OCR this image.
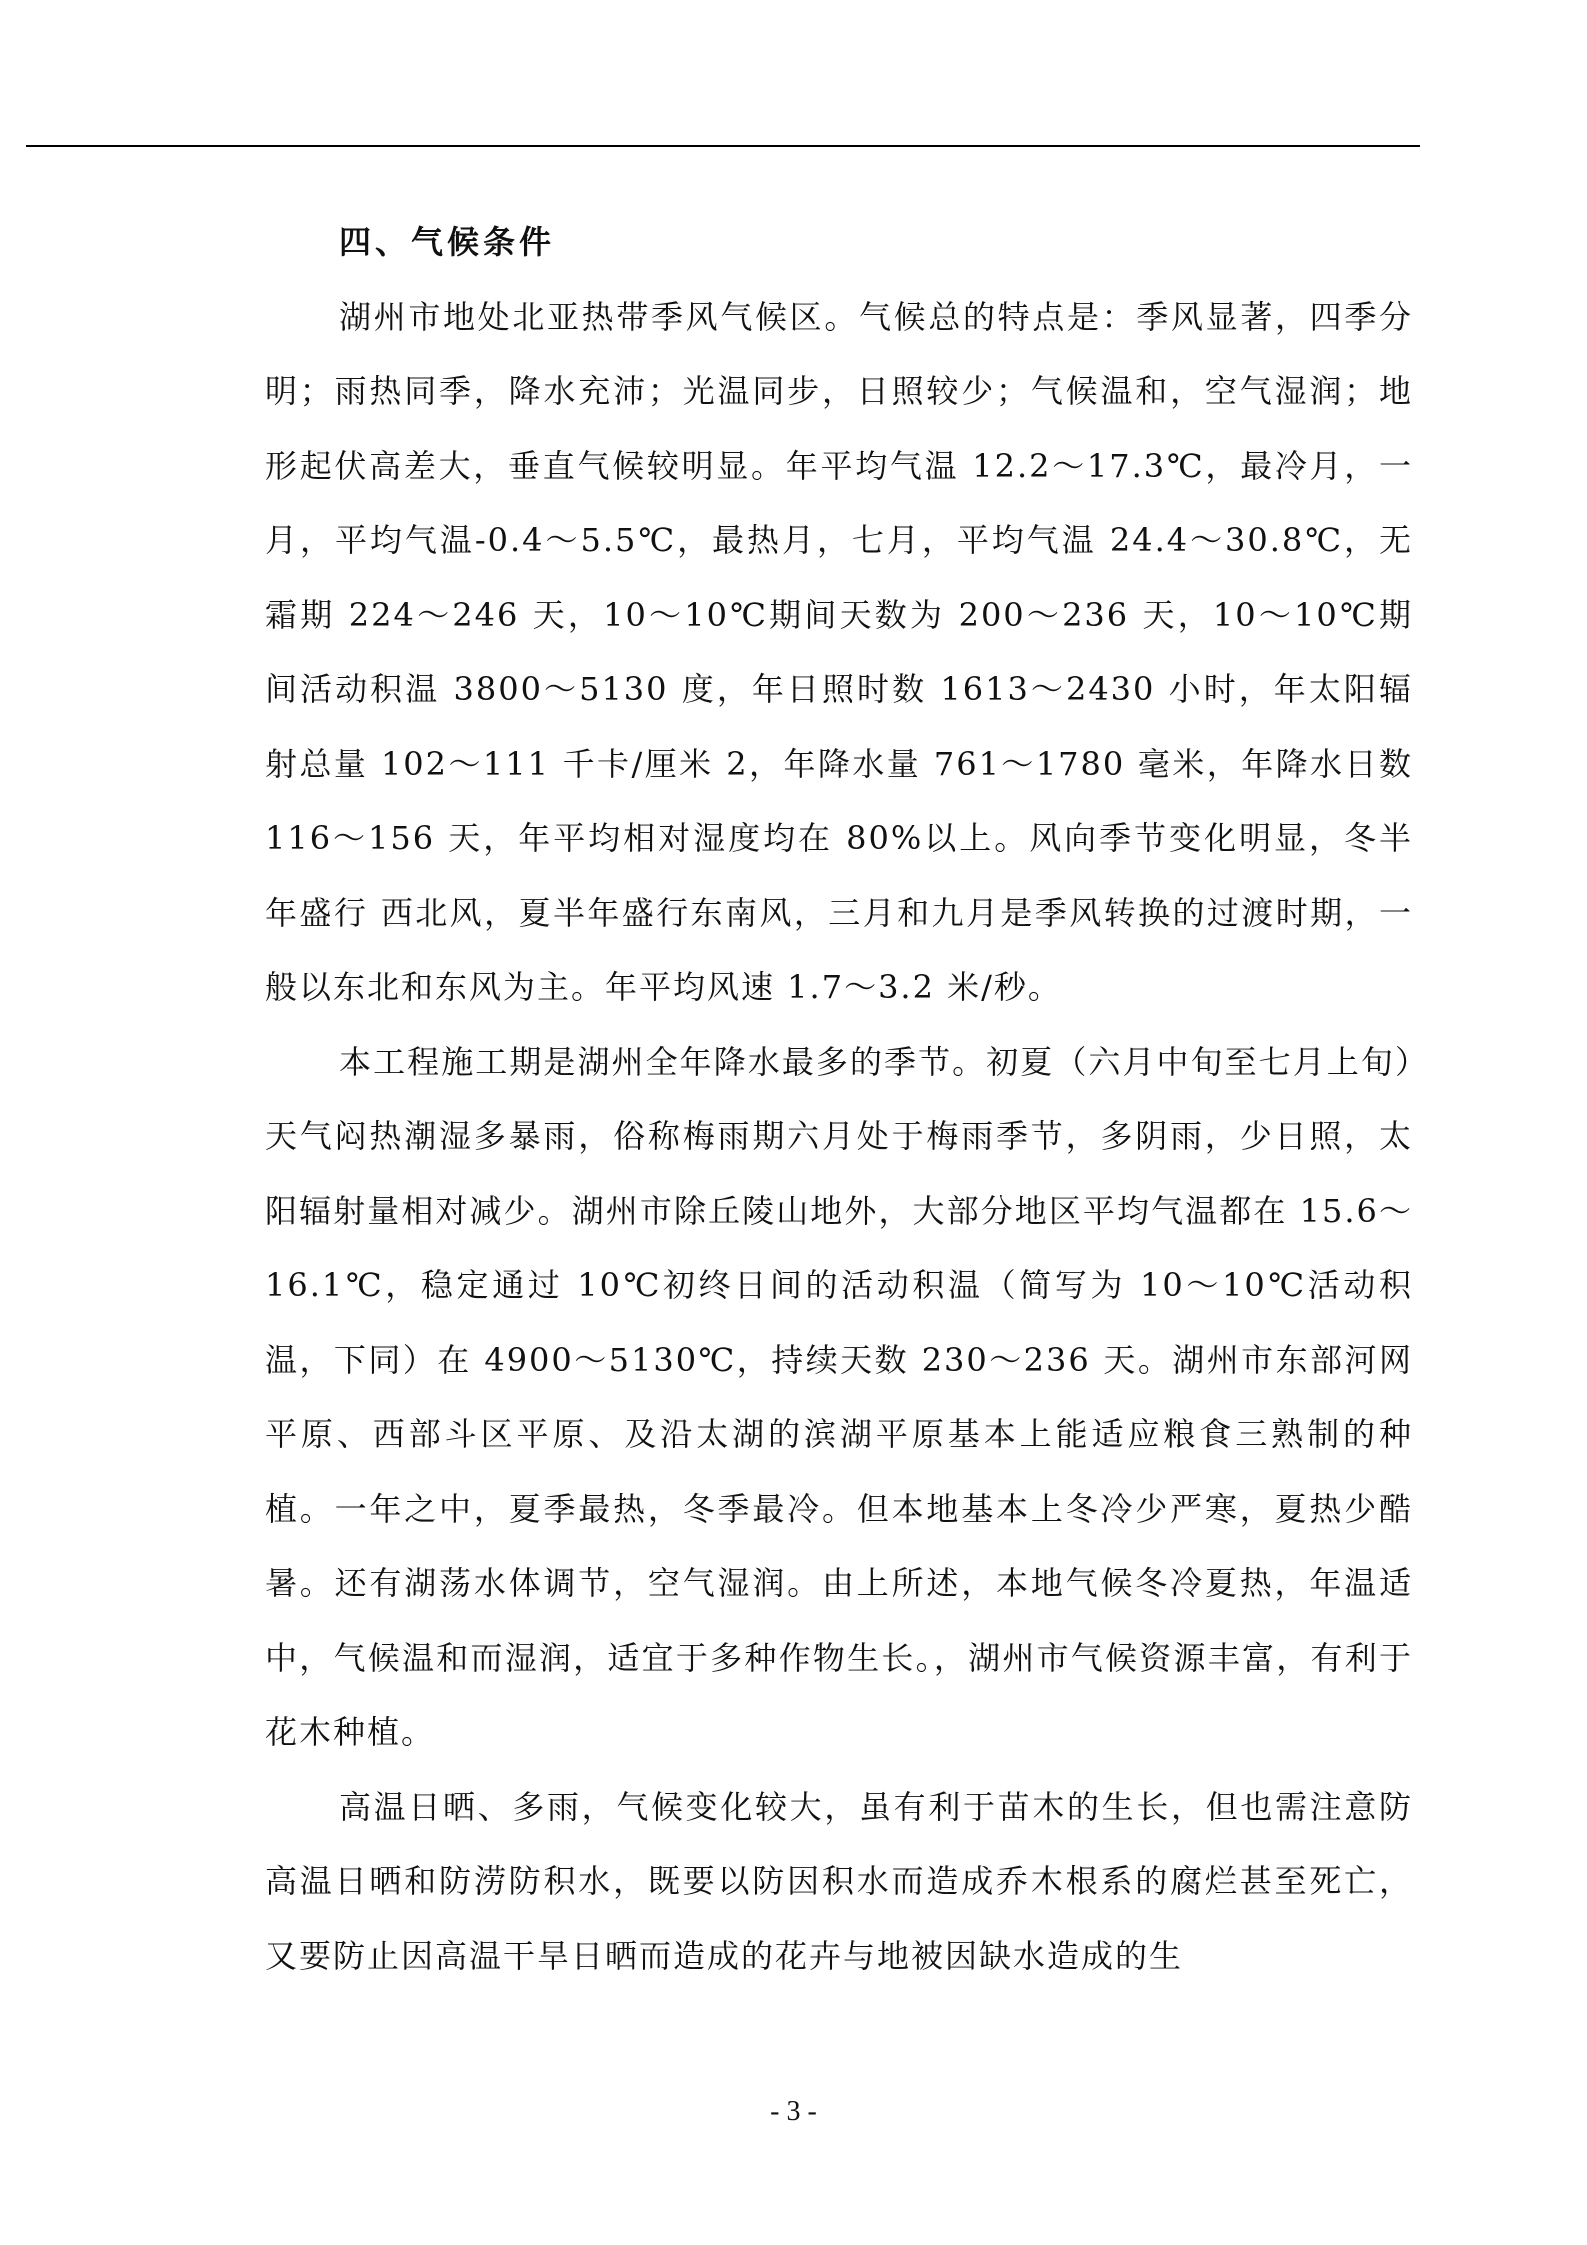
四、气候条件

湖州市地处北亚热带季风气候区。气候总的特点是：季风显著，四季分明；雨热同季，降水充沛；光温同步，日照较少；气候温和，空气湿润；地形起伏高差大，垂直气候较明显。年平均气温 12.2～17.3℃，最冷月，一月，平均气温-0.4～5.5℃，最热月，七月，平均气温 24.4～30.8℃，无霜期 224～246 天，10～10℃期间天数为 200～236 天，10～10℃期间活动积温 3800～5130 度，年日照时数 1613～2430 小时，年太阳辐射总量 102～111 千卡/厘米 2，年降水量 761～1780 毫米，年降水日数 116～156 天，年平均相对湿度均在 80%以上。风向季节变化明显，冬半年盛行 西北风，夏半年盛行东南风，三月和九月是季风转换的过渡时期，一般以东北和东风为主。年平均风速 1.7～3.2 米/秒。

本工程施工期是湖州全年降水最多的季节。初夏（六月中旬至七月上旬）天气闷热潮湿多暴雨，俗称梅雨期六月处于梅雨季节，多阴雨，少日照，太阳辐射量相对减少。湖州市除丘陵山地外，大部分地区平均气温都在 15.6～16.1℃，稳定通过 10℃初终日间的活动积温（简写为 10～10℃活动积温，下同）在 4900～5130℃，持续天数 230～236 天。湖州市东部河网平原、西部斗区平原、及沿太湖的滨湖平原基本上能适应粮食三熟制的种植。一年之中，夏季最热，冬季最冷。但本地基本上冬冷少严寒，夏热少酷暑。还有湖荡水体调节，空气湿润。由上所述，本地气候冬冷夏热，年温适中，气候温和而湿润，适宜于多种作物生长。，湖州市气候资源丰富，有利于花木种植。

高温日晒、多雨，气候变化较大，虽有利于苗木的生长，但也需注意防高温日晒和防涝防积水，既要以防因积水而造成乔木根系的腐烂甚至死亡，又要防止因高温干旱日晒而造成的花卉与地被因缺水造成的生

- 3 -
